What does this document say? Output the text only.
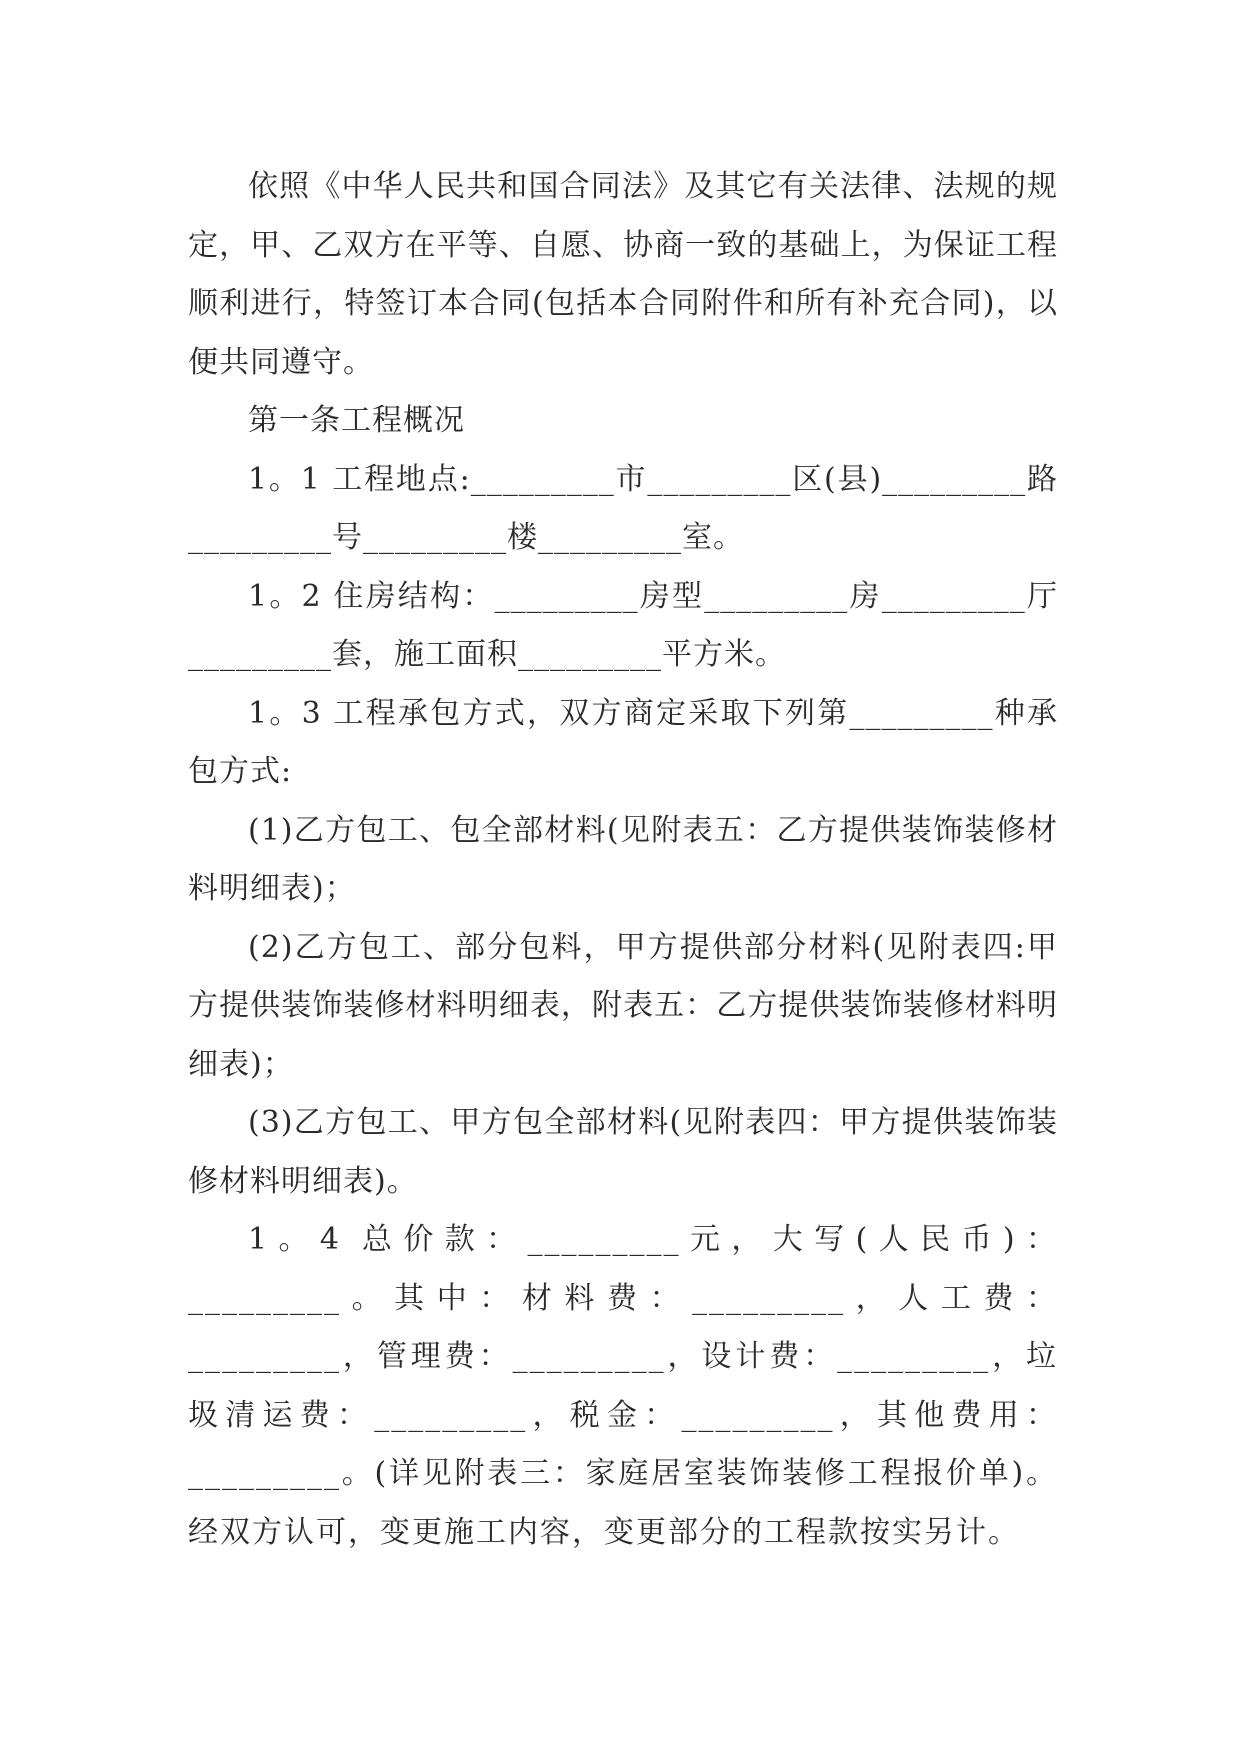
依照《中华人民共和国合同法》及其它有关法律、法规的规定，甲、乙双方在平等、自愿、协商一致的基础上，为保证工程顺利进行，特签订本合同(包括本合同附件和所有补充合同)，以便共同遵守。

第一条工程概况

1。1 工程地点:_________市_________区(县)_________路_________号_________楼_________室。

1。2 住房结构：_________房型_________房_________厅_________套，施工面积_________平方米。

1。3 工程承包方式，双方商定采取下列第_________种承包方式:

(1)乙方包工、包全部材料(见附表五：乙方提供装饰装修材料明细表)；

(2)乙方包工、部分包料，甲方提供部分材料(见附表四:甲方提供装饰装修材料明细表，附表五：乙方提供装饰装修材料明细表)；

(3)乙方包工、甲方包全部材料(见附表四：甲方提供装饰装修材料明细表)。

1。4 总价款：_________元，大写(人民币)：_________。其中：材料费：_________，人工费：_________，管理费：_________，设计费：_________，垃圾清运费：_________，税金：_________，其他费用：_________。(详见附表三：家庭居室装饰装修工程报价单)。经双方认可，变更施工内容，变更部分的工程款按实另计。
